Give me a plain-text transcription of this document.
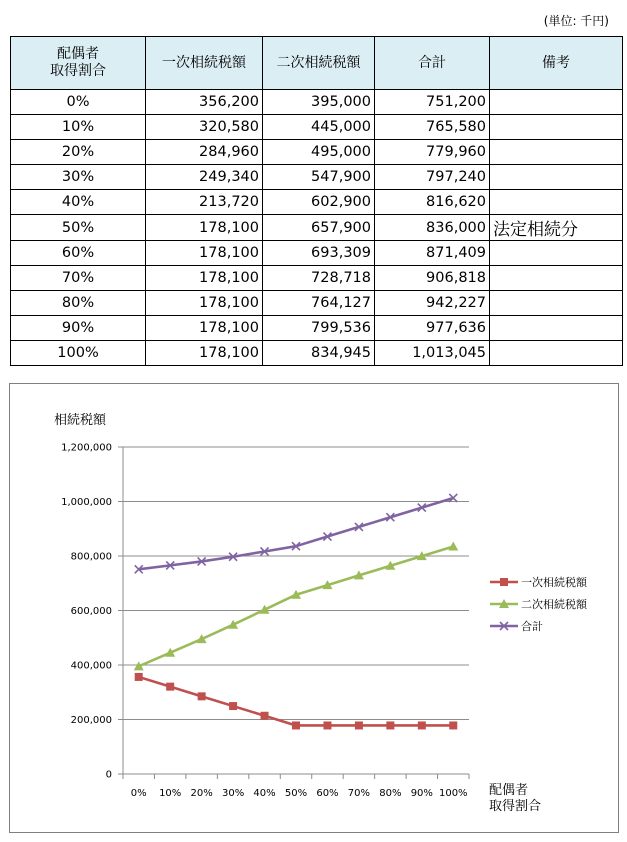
(単位: 千円)
配偶者
取得割合	一次相続税額	二次相続税額	合計	備考
0%	356,200	395,000	751,200	
10%	320,580	445,000	765,580	
20%	284,960	495,000	779,960	
30%	249,340	547,900	797,240	
40%	213,720	602,900	816,620	
50%	178,100	657,900	836,000	法定相続分
60%	178,100	693,309	871,409	
70%	178,100	728,718	906,818	
80%	178,100	764,127	942,227	
90%	178,100	799,536	977,636	
100%	178,100	834,945	1,013,045	
相続税額
0
200,000
400,000
600,000
800,000
1,000,000
1,200,000
0% 10% 20% 30% 40% 50% 60% 70% 80% 90% 100% 配偶者
取得割合
一次相続税額
二次相続税額
合計
